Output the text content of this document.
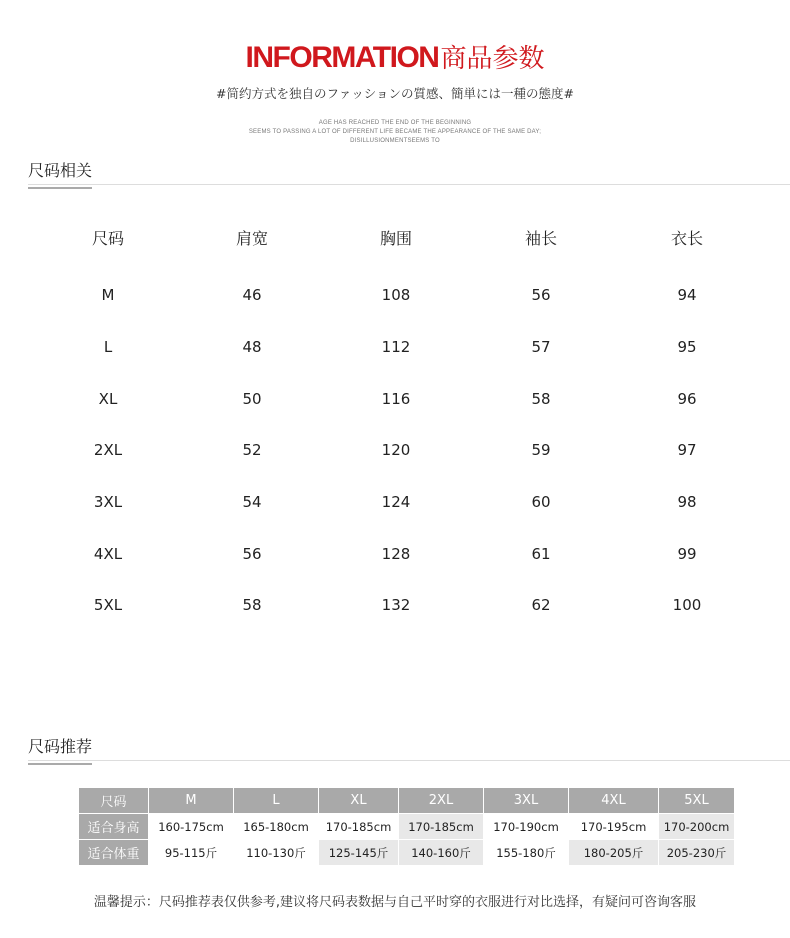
INFORMATION商品参数
#简约方式を独自のファッションの質感、簡単には一種の態度#
AGE HAS REACHED THE END OF THE BEGINNING
SEEMS TO PASSING A LOT OF DIFFERENT LIFE BECAME THE APPEARANCE OF THE SAME DAY;
DISILLUSIONMENTSEEMS TO
尺码相关
尺码	肩宽	胸围	袖长	衣长
M	46	108	56	94
L	48	112	57	95
XL	50	116	58	96
2XL	52	120	59	97
3XL	54	124	60	98
4XL	56	128	61	99
5XL	58	132	62	100
尺码推荐
尺码	M	L	XL	2XL	3XL	4XL	5XL
适合身高	160-175cm	165-180cm	170-185cm	170-185cm	170-190cm	170-195cm	170-200cm
适合体重	95-115斤	110-130斤	125-145斤	140-160斤	155-180斤	180-205斤	205-230斤
温馨提示：尺码推荐表仅供参考,建议将尺码表数据与自己平时穿的衣服进行对比选择，有疑问可咨询客服
